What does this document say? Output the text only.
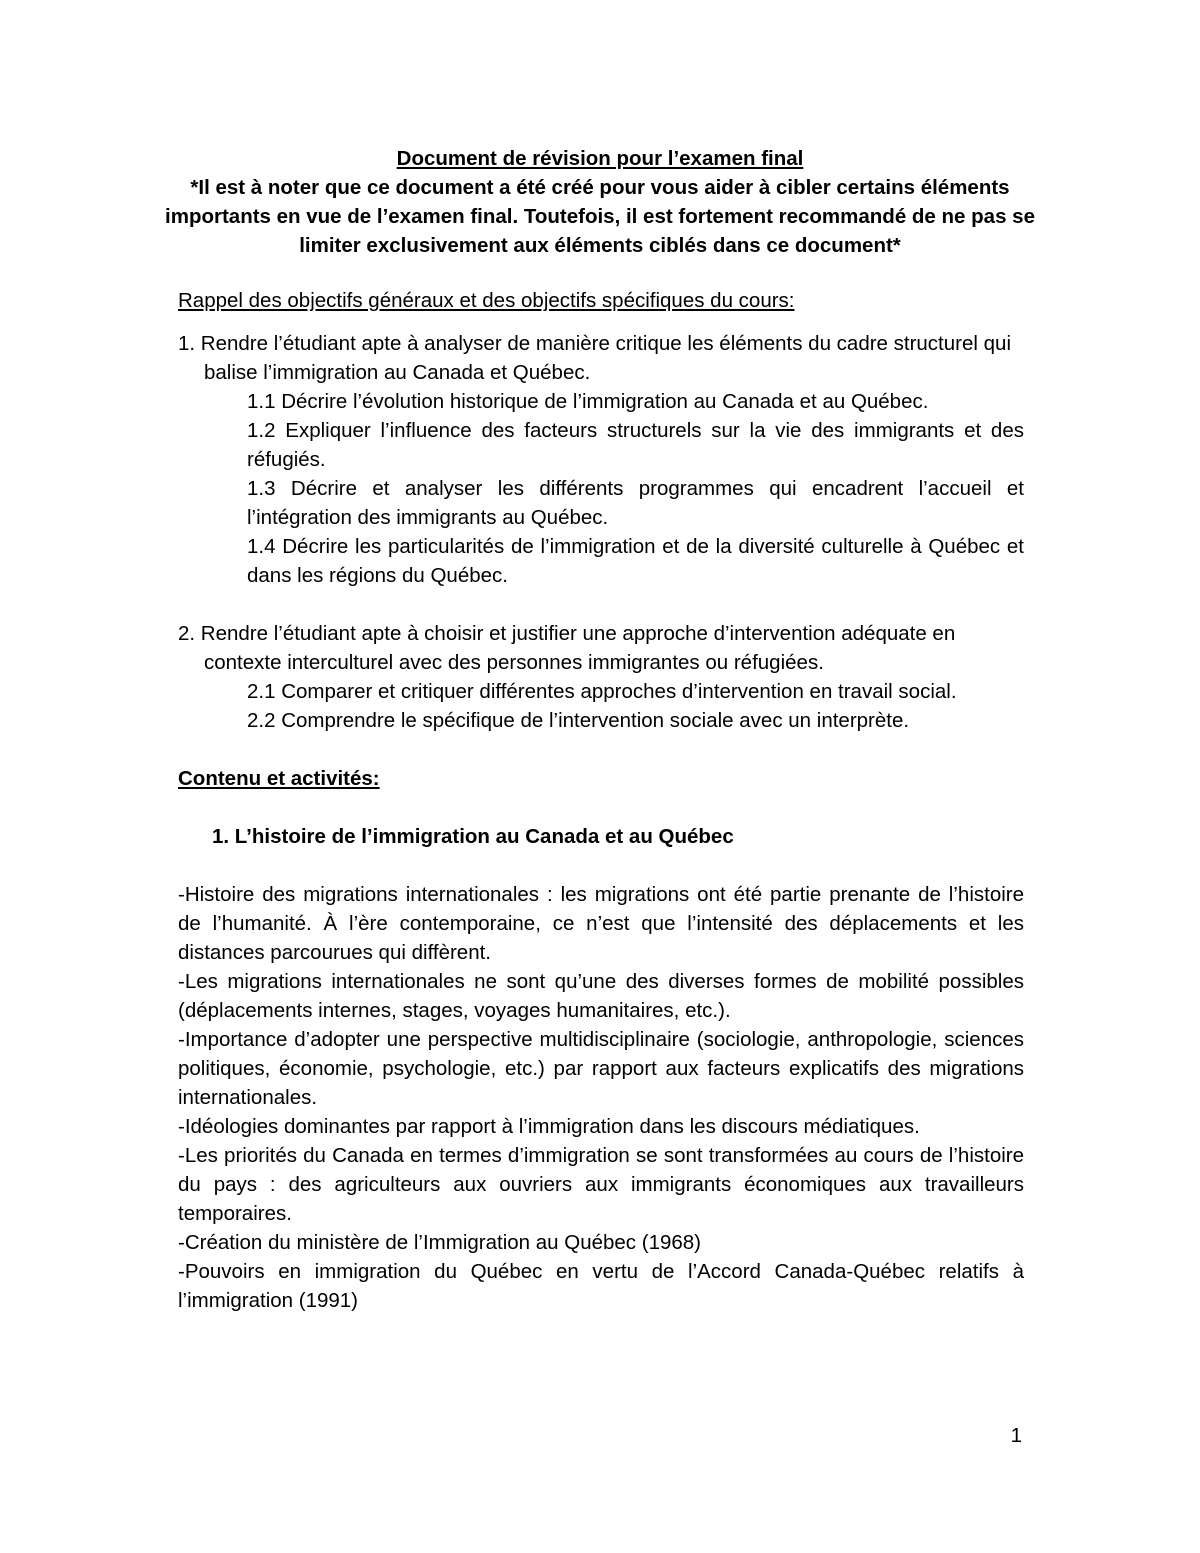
Document de révision pour l’examen final
*Il est à noter que ce document a été créé pour vous aider à cibler certains éléments importants en vue de l’examen final. Toutefois, il est fortement recommandé de ne pas se limiter exclusivement aux éléments ciblés dans ce document*

Rappel des objectifs généraux et des objectifs spécifiques du cours:

1. Rendre l’étudiant apte à analyser de manière critique les éléments du cadre structurel qui balise l’immigration au Canada et Québec.

1.1 Décrire l’évolution historique de l’immigration au Canada et au Québec.

1.2 Expliquer l’influence des facteurs structurels sur la vie des immigrants et des réfugiés.

1.3 Décrire et analyser les différents programmes qui encadrent l’accueil et l’intégration des immigrants au Québec.

1.4 Décrire les particularités de l’immigration et de la diversité culturelle à Québec et dans les régions du Québec.

2. Rendre l’étudiant apte à choisir et justifier une approche d’intervention adéquate en contexte interculturel avec des personnes immigrantes ou réfugiées.

2.1 Comparer et critiquer différentes approches d’intervention en travail social.

2.2 Comprendre le spécifique de l’intervention sociale avec un interprète.

Contenu et activités:

1. L’histoire de l’immigration au Canada et au Québec

-Histoire des migrations internationales : les migrations ont été partie prenante de l’histoire de l’humanité. À l’ère contemporaine, ce n’est que l’intensité des déplacements et les distances parcourues qui diffèrent.

-Les migrations internationales ne sont qu’une des diverses formes de mobilité possibles (déplacements internes, stages, voyages humanitaires, etc.).

-Importance d’adopter une perspective multidisciplinaire (sociologie, anthropologie, sciences politiques, économie, psychologie, etc.) par rapport aux facteurs explicatifs des migrations internationales.

-Idéologies dominantes par rapport à l’immigration dans les discours médiatiques.

-Les priorités du Canada en termes d’immigration se sont transformées au cours de l’histoire du pays : des agriculteurs aux ouvriers aux immigrants économiques aux travailleurs temporaires.

-Création du ministère de l’Immigration au Québec (1968)

-Pouvoirs en immigration du Québec en vertu de l’Accord Canada-Québec relatifs à l’immigration (1991)

1
